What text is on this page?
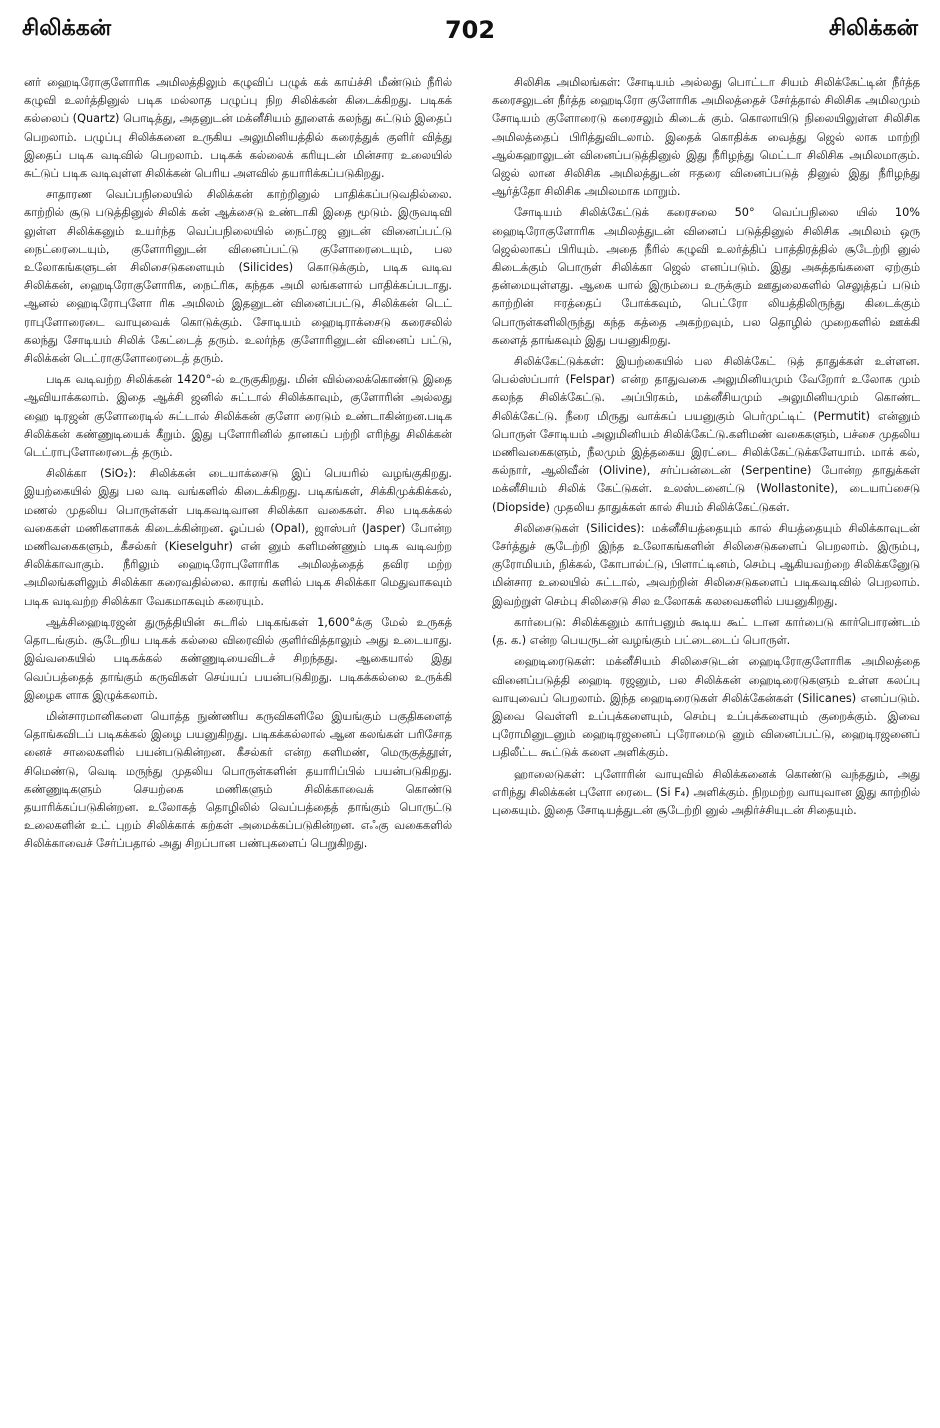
சிலிக்கன்	702	சிலிக்கன்

னர் ஹைடிரோகுளோரிக அமிலத்திலும் கழுவிப் பழுக் கக் காய்ச்சி மீண்டும் நீரில் கழுவி உலர்த்தினுல் படிக மல்லாத பழுப்பு நிற சிலிக்கன் கிடைக்கிறது. படிகக் கல்லைப் (Quartz) பொடித்து, அதனுடன் மக்னீசியம் தூளைக் கலந்து சுட்டும் இதைப் பெறலாம். பழுப்பு சிலிக்கனை உருகிய அலுமினியத்தில் கரைத்துக் குளிர் வித்து இதைப் படிக வடிவில் பெறலாம். படிகக் கல்லைக் கரியுடன் மின்சார உலையில் சுட்டுப் படிக வடிவுள்ள சிலிக்கன் பெரிய அளவில் தயாரிக்கப்படுகிறது.

சாதாரண வெப்பநிலையில் சிலிக்கன் காற்றினுல் பாதிக்கப்படுவதில்லை. காற்றில் சூடு படுத்தினுல் சிலிக் கன் ஆக்சைடு உண்டாகி இதை மூடும். இருவடிவி லுள்ள சிலிக்கனும் உயர்ந்த வெப்பநிலையில் நைட்ரஜ னுடன் வினைப்பட்டு நைட்ரைடையும், குளோரினுடன் வினைப்பட்டு குளோரைடையும், பல உலோகங்களுடன் சிலிசைடுகளையும் (Silicides) கொடுக்கும், படிக வடிவ சிலிக்கன், ஹைடிரோகுளோரிக, நைட்ரிக, கந்தக அமி லங்களால் பாதிக்கப்படாது. ஆனல் ஹைடிரோபுளோ ரிக அமிலம் இதனுடன் வினைப்பட்டு, சிலிக்கன் டெட் ராபுளோரைடை வாயுவைக் கொடுக்கும். சோடியம் ஹைடிராக்சைடு கரைசலில் கலந்து சோடியம் சிலிக் கேட்டைத் தரும். உலர்ந்த குளோரினுடன் வினைப் பட்டு, சிலிக்கன் டெட்ராகுளோரைடைத் தரும்.

படிக வடிவற்ற சிலிக்கன் 1420°-ல் உருகுகிறது. மின் வில்லைக்கொண்டு இதை ஆவியாக்கலாம். இதை ஆக்சி ஜனில் சுட்டால் சிலிக்காவும், குளோரின் அல்லது ஹை டிரஜன் குளோரைடில் சுட்டால் சிலிக்கன் குளோ ரைடும் உண்டாகின்றன.படிக சிலிக்கன் கண்ணுடியைக் கீறும். இது புளோரினில் தானகப் பற்றி எரிந்து சிலிக்கன் டெட்ராபுளோரைடைத் தரும்.

சிலிக்கா (SiO₂): சிலிக்கன் டையாக்சைடு இப் பெயரில் வழங்குகிறது. இயற்கையில் இது பல வடி வங்களில் கிடைக்கிறது. படிகங்கள், சிக்கிமுக்கிக்கல், மணல் முதலிய பொருள்கள் படிகவடிவான சிலிக்கா வகைகள். சில படிகக்கல் வகைகள் மணிகளாகக் கிடைக்கின்றன. ஓப்பல் (Opal), ஜாஸ்பர் (Jasper) போன்ற மணிவகைகளும், கீசல்கர் (Kieselguhr) என் னும் களிமண்ணும் படிக வடிவற்ற சிலிக்காவாகும். நீரிலும் ஹைடிரோபுளோரிக அமிலத்தைத் தவிர மற்ற அமிலங்களிலும் சிலிக்கா கரைவதில்லை. காரங் களில் படிக சிலிக்கா மெதுவாகவும் படிக வடிவற்ற சிலிக்கா வேகமாகவும் கரையும்.

ஆக்சிஹைடிரஜன் துருத்தியின் சுடரில் படிகங்கள் 1,600°க்கு மேல் உருகத் தொடங்கும். சூடேறிய படிகக் கல்லை விரைவில் குளிர்வித்தாலும் அது உடையாது. இவ்வகையில் படிகக்கல் கண்ணுடியைவிடச் சிறந்தது. ஆகையால் இது வெப்பத்தைத் தாங்கும் கருவிகள் செய்யப் பயன்படுகிறது. படிகக்கல்லை உருக்கி இழைக ளாக இழுக்கலாம்.

மின்சாரமானிகளை யொத்த நுண்ணிய கருவிகளிலே இயங்கும் பகுதிகளைத் தொங்கவிடப் படிகக்கல் இழை பயனுகிறது. படிகக்கல்லால் ஆன கலங்கள் பரிசோத னைச் சாலைகளில் பயன்படுகின்றன. கீசல்கர் என்ற களிமண், மெருகுத்தூள், சிமெண்டு, வெடி மருந்து முதலிய பொருள்களின் தயாரிப்பில் பயன்படுகிறது. கண்ணுடிகளும் செயற்கை மணிகளும் சிலிக்காவைக் கொண்டு தயாரிக்கப்படுகின்றன. உலோகத் தொழிலில் வெப்பத்தைத் தாங்கும் பொருட்டு உலைகளின் உட் புறம் சிலிக்காக் கற்கள் அமைக்கப்படுகின்றன. எஃகு வகைகளில் சிலிக்காவைச் சேர்ப்பதால் அது சிறப்பான பண்புகளைப் பெறுகிறது.

சிலிசிக அமிலங்கள்: சோடியம் அல்லது பொட்டா சியம் சிலிக்கேட்டின் நீர்த்த கரைசலுடன் நீர்த்த ஹைடிரோ குளோரிக அமிலத்தைச் சேர்த்தால் சிலிசிக அமிலமும் சோடியம் குளோரைடு கரைசலும் கிடைக் கும். கொலாயிடு நிலையிலுள்ள சிலிசிக அமிலத்தைப் பிரித்துவிடலாம். இதைக் கொதிக்க வைத்து ஜெல் லாக மாற்றி ஆல்கஹாலுடன் வினைப்படுத்தினுல் இது நீரிழந்து மெட்டா சிலிசிக அமிலமாகும். ஜெல் லான சிலிசிக அமிலத்துடன் ஈதரை வினைப்படுத் தினுல் இது நீரிழந்து ஆர்த்தோ சிலிசிக அமிலமாக மாறும்.

சோடியம் சிலிக்கேட்டுக் கரைசலை 50° வெப்பநிலை யில் 10% ஹைடிரோகுளோரிக அமிலத்துடன் வினைப் படுத்தினுல் சிலிசிக அமிலம் ஒரு ஜெல்லாகப் பிரியும். அதை நீரில் கழுவி உலர்த்திப் பாத்திரத்தில் சூடேற்றி னுல் கிடைக்கும் பொருள் சிலிக்கா ஜெல் எனப்படும். இது அசுத்தங்களை ஏற்கும் தன்மையுள்ளது. ஆகை யால் இரும்பை உருக்கும் ஊதுலைகளில் செலுத்தப் படும் காற்றின் ஈரத்தைப் போக்கவும், பெட்ரோ லியத்திலிருந்து கிடைக்கும் பொருள்களிலிருந்து கந்த கத்தை அகற்றவும், பல தொழில் முறைகளில் ஊக்கி களைத் தாங்கவும் இது பயனுகிறது.

சிலிக்கேட்டுக்கள்: இயற்கையில் பல சிலிக்கேட் டுத் தாதுக்கள் உள்ளன. பெல்ஸ்ப்பார் (Felspar) என்ற தாதுவகை அலுமினியமும் வேறோர் உலோக மும் கலந்த சிலிக்கேட்டு. அப்பிரகம், மக்னீசியமும் அலுமினியமும் கொண்ட சிலிக்கேட்டு. நீரை மிருது வாக்கப் பயனுகும் பெர்முட்டிட் (Permutit) என்னும் பொருள் சோடியம் அலுமினியம் சிலிக்கேட்டு.களிமண் வகைகளும், பச்சை முதலிய மணிவகைகளும், நீலமும் இத்தகைய இரட்டை சிலிக்கேட்டுக்களேயாம். மாக் கல், கல்நார், ஆலிவீன் (Olivine), சர்ப்பன்டைன் (Serpentine) போன்ற தாதுக்கள் மக்னீசியம் சிலிக் கேட்டுகள். உலஸ்டனைட்டு (Wollastonite), டையாப்சைடு (Diopside) முதலிய தாதுக்கள் கால் சியம் சிலிக்கேட்டுகள்.

சிலிசைடுகள் (Silicides): மக்னீசியத்தையும் கால் சியத்தையும் சிலிக்காவுடன் சேர்த்துச் சூடேற்றி இந்த உலோகங்களின் சிலிசைடுகளைப் பெறலாம். இரும்பு, குரோமியம், நிக்கல், கோபால்ட்டு, பிளாட்டினம், செம்பு ஆகியவற்றை சிலிக்கனுேடு மின்சார உலையில் சுட்டால், அவற்றின் சிலிசைடுகளைப் படிகவடிவில் பெறலாம். இவற்றுள் செம்பு சிலிசைடு சில உலோகக் கலவைகளில் பயனுகிறது.

கார்பைடு: சிலிக்கனும் கார்பனும் கூடிய கூட் டான கார்பைடு கார்பொரண்டம் (த. க.) என்ற பெயருடன் வழங்கும் பட்டைடைப் பொருள்.

ஹைடிரைடுகள்: மக்னீசியம் சிலிசைடுடன் ஹைடிரோகுளோரிக அமிலத்தை வினைப்படுத்தி ஹைடி ரஜனும், பல சிலிக்கன் ஹைடிரைடுகளும் உள்ள கலப்பு வாயுவைப் பெறலாம். இந்த ஹைடிரைடுகள் சிலிக்கேன்கள் (Silicanes) எனப்படும். இவை வெள்ளி உப்புக்களையும், செம்பு உப்புக்களையும் குறைக்கும். இவை புரோமினுடனும் ஹைடிரஜனைப் புரோமைடு னும் வினைப்பட்டு, ஹைடிரஜனைப் பதிலீட்ட கூட்டுக் களை அளிக்கும்.

ஹாலைடுகள்: புளோரின் வாயுவில் சிலிக்கனைக் கொண்டு வந்ததும், அது எரிந்து சிலிக்கன் புளோ ரைடை (Si F₄) அளிக்கும். நிறமற்ற வாயுவான இது காற்றில் புகையும். இதை சோடியத்துடன் சூடேற்றி னுல் அதிர்ச்சியுடன் சிதையும்.
